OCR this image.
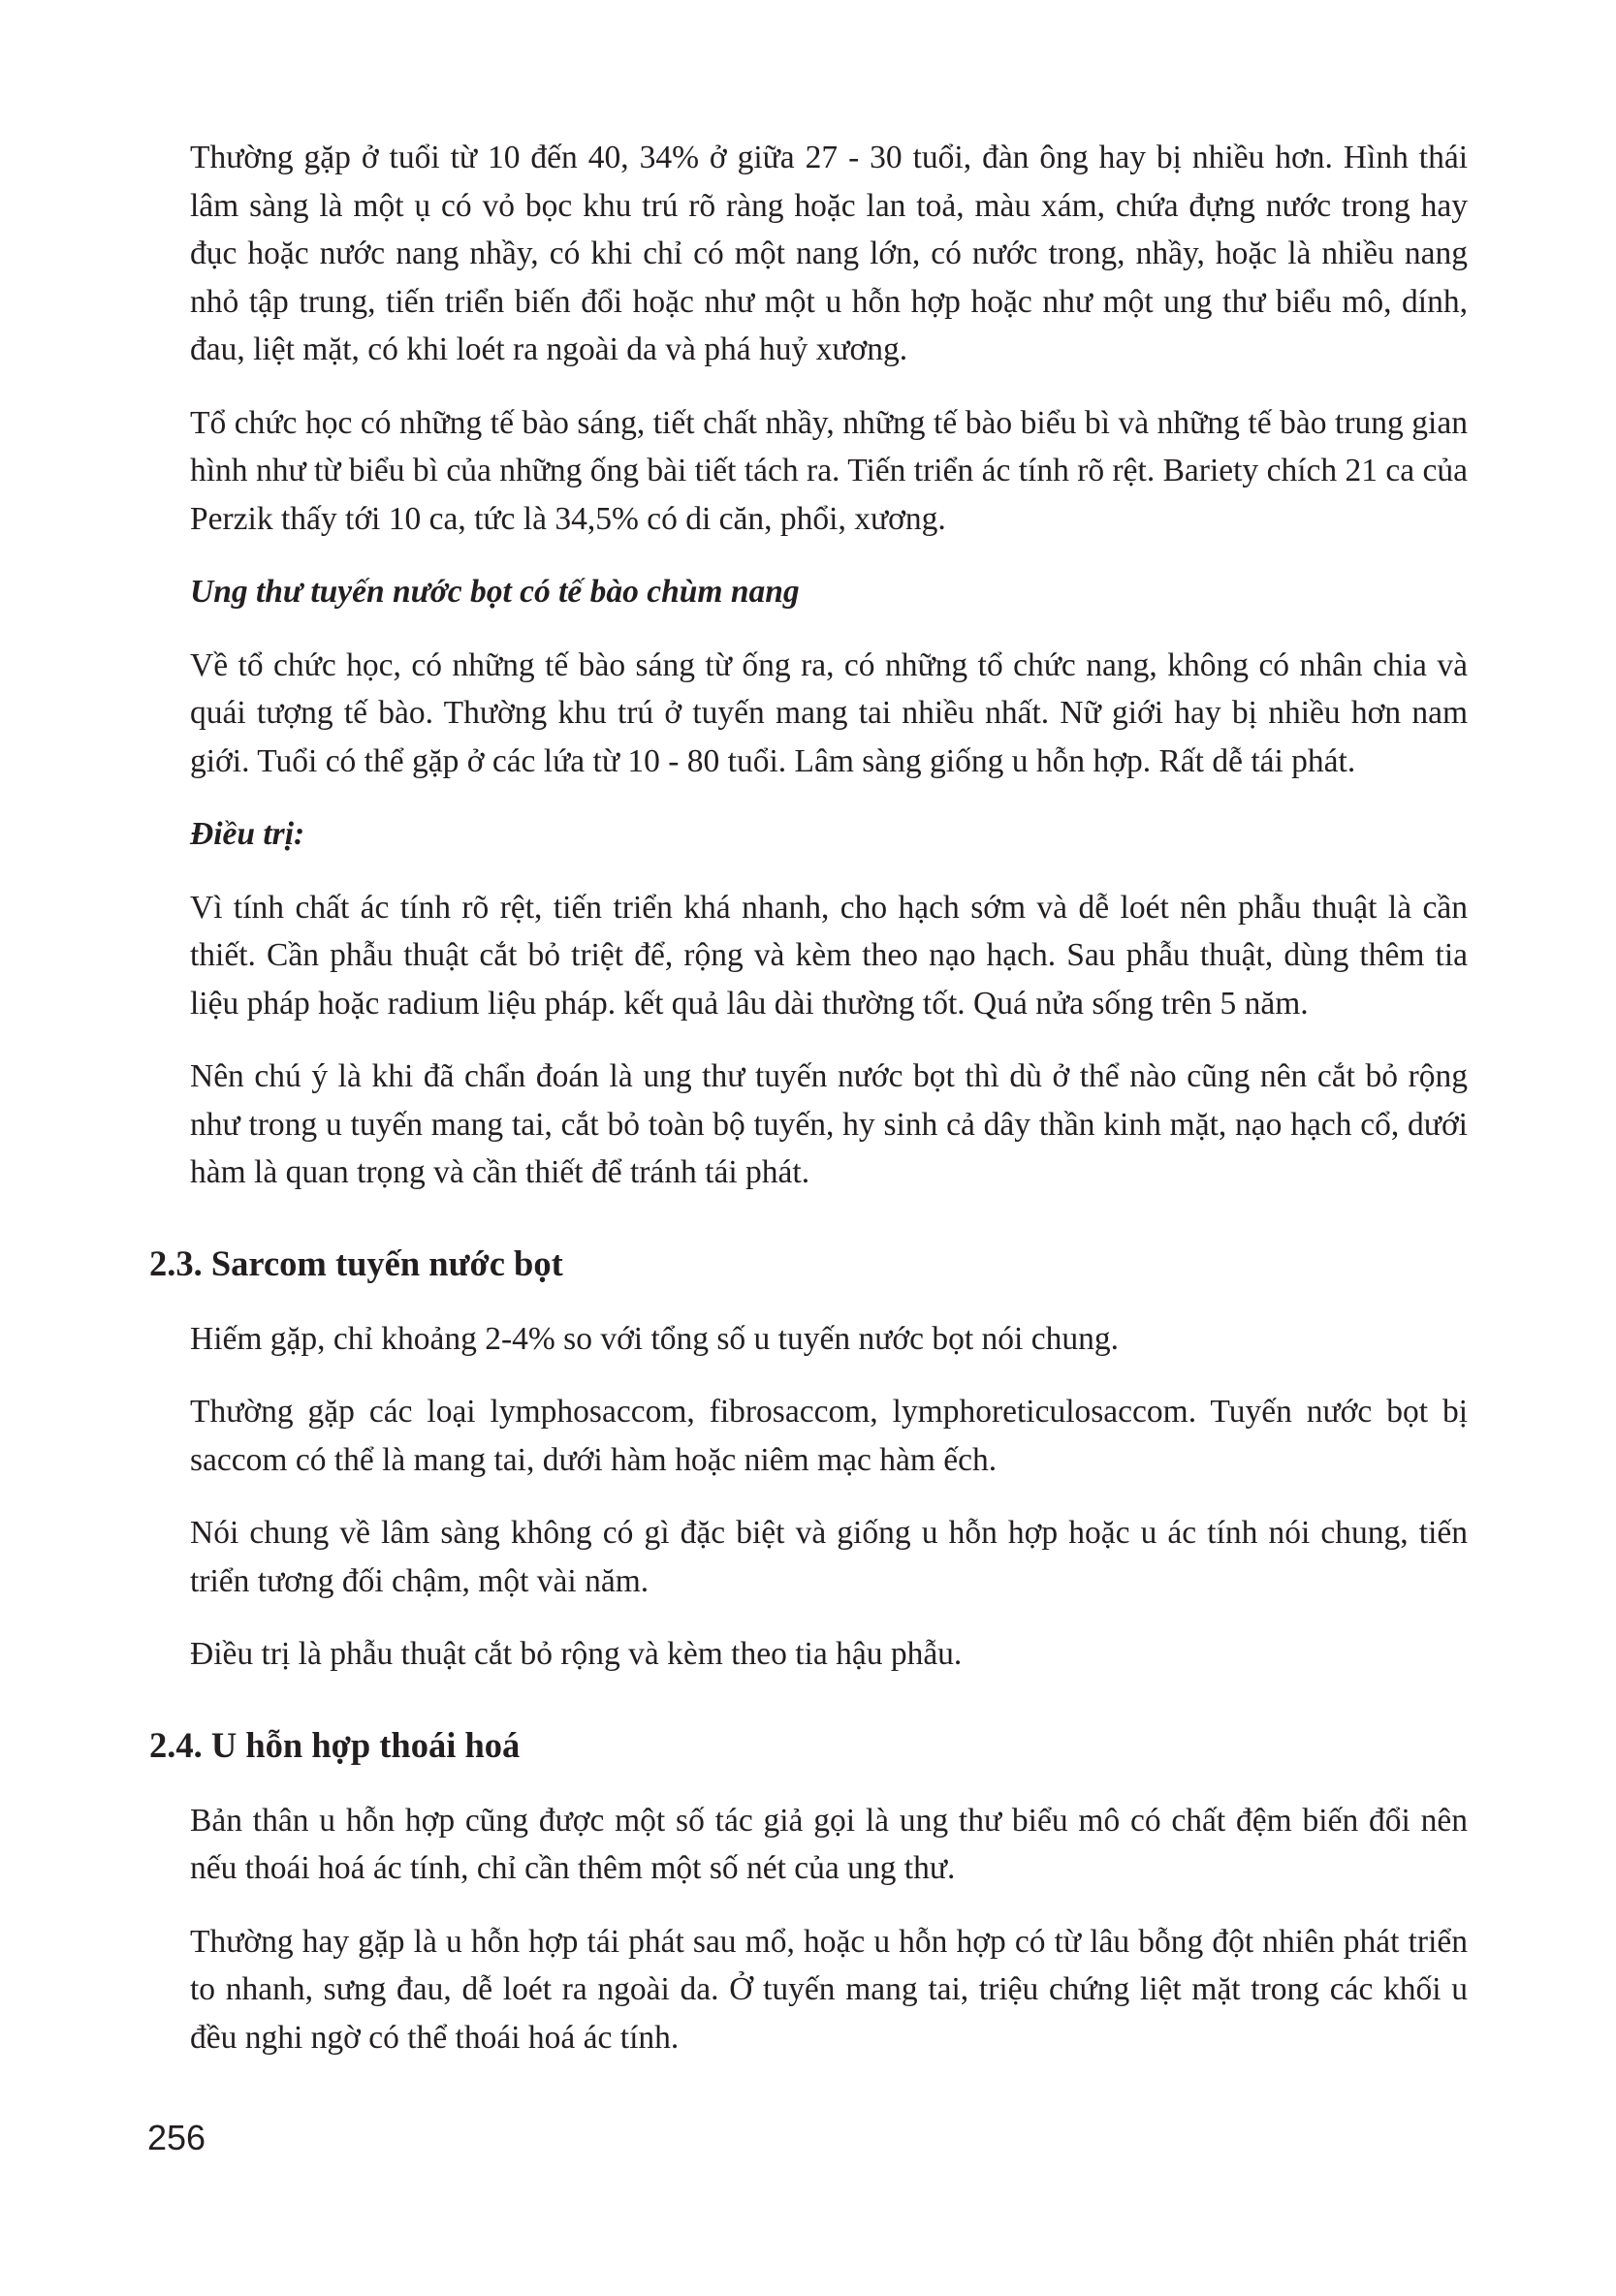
Thường gặp ở tuổi từ 10 đến 40, 34% ở giữa 27 - 30 tuổi, đàn ông hay bị nhiều hơn. Hình thái lâm sàng là một ụ có vỏ bọc khu trú rõ ràng hoặc lan toả, màu xám, chứa đựng nước trong hay đục hoặc nước nang nhầy, có khi chỉ có một nang lớn, có nước trong, nhầy, hoặc là nhiều nang nhỏ tập trung, tiến triển biến đổi hoặc như một u hỗn hợp hoặc như một ung thư biểu mô, dính, đau, liệt mặt, có khi loét ra ngoài da và phá huỷ xương.

Tổ chức học có những tế bào sáng, tiết chất nhầy, những tế bào biểu bì và những tế bào trung gian hình như từ biểu bì của những ống bài tiết tách ra. Tiến triển ác tính rõ rệt. Bariety chích 21 ca của Perzik thấy tới 10 ca, tức là 34,5% có di căn, phổi, xương.

Ung thư tuyến nước bọt có tế bào chùm nang

Về tổ chức học, có những tế bào sáng từ ống ra, có những tổ chức nang, không có nhân chia và quái tượng tế bào. Thường khu trú ở tuyến mang tai nhiều nhất. Nữ giới hay bị nhiều hơn nam giới. Tuổi có thể gặp ở các lứa từ 10 - 80 tuổi. Lâm sàng giống u hỗn hợp. Rất dễ tái phát.

Điều trị:

Vì tính chất ác tính rõ rệt, tiến triển khá nhanh, cho hạch sớm và dễ loét nên phẫu thuật là cần thiết. Cần phẫu thuật cắt bỏ triệt để, rộng và kèm theo nạo hạch. Sau phẫu thuật, dùng thêm tia liệu pháp hoặc radium liệu pháp. kết quả lâu dài thường tốt. Quá nửa sống trên 5 năm.

Nên chú ý là khi đã chẩn đoán là ung thư tuyến nước bọt thì dù ở thể nào cũng nên cắt bỏ rộng như trong u tuyến mang tai, cắt bỏ toàn bộ tuyến, hy sinh cả dây thần kinh mặt, nạo hạch cổ, dưới hàm là quan trọng và cần thiết để tránh tái phát.

2.3. Sarcom tuyến nước bọt

Hiếm gặp, chỉ khoảng 2-4% so với tổng số u tuyến nước bọt nói chung.

Thường gặp các loại lymphosaccom, fibrosaccom, lymphoreticulosaccom. Tuyến nước bọt bị saccom có thể là mang tai, dưới hàm hoặc niêm mạc hàm ếch.

Nói chung về lâm sàng không có gì đặc biệt và giống u hỗn hợp hoặc u ác tính nói chung, tiến triển tương đối chậm, một vài năm.

Điều trị là phẫu thuật cắt bỏ rộng và kèm theo tia hậu phẫu.

2.4. U hỗn hợp thoái hoá

Bản thân u hỗn hợp cũng được một số tác giả gọi là ung thư biểu mô có chất đệm biến đổi nên nếu thoái hoá ác tính, chỉ cần thêm một số nét của ung thư.

Thường hay gặp là u hỗn hợp tái phát sau mổ, hoặc u hỗn hợp có từ lâu bỗng đột nhiên phát triển to nhanh, sưng đau, dễ loét ra ngoài da. Ở tuyến mang tai, triệu chứng liệt mặt trong các khối u đều nghi ngờ có thể thoái hoá ác tính.

256
